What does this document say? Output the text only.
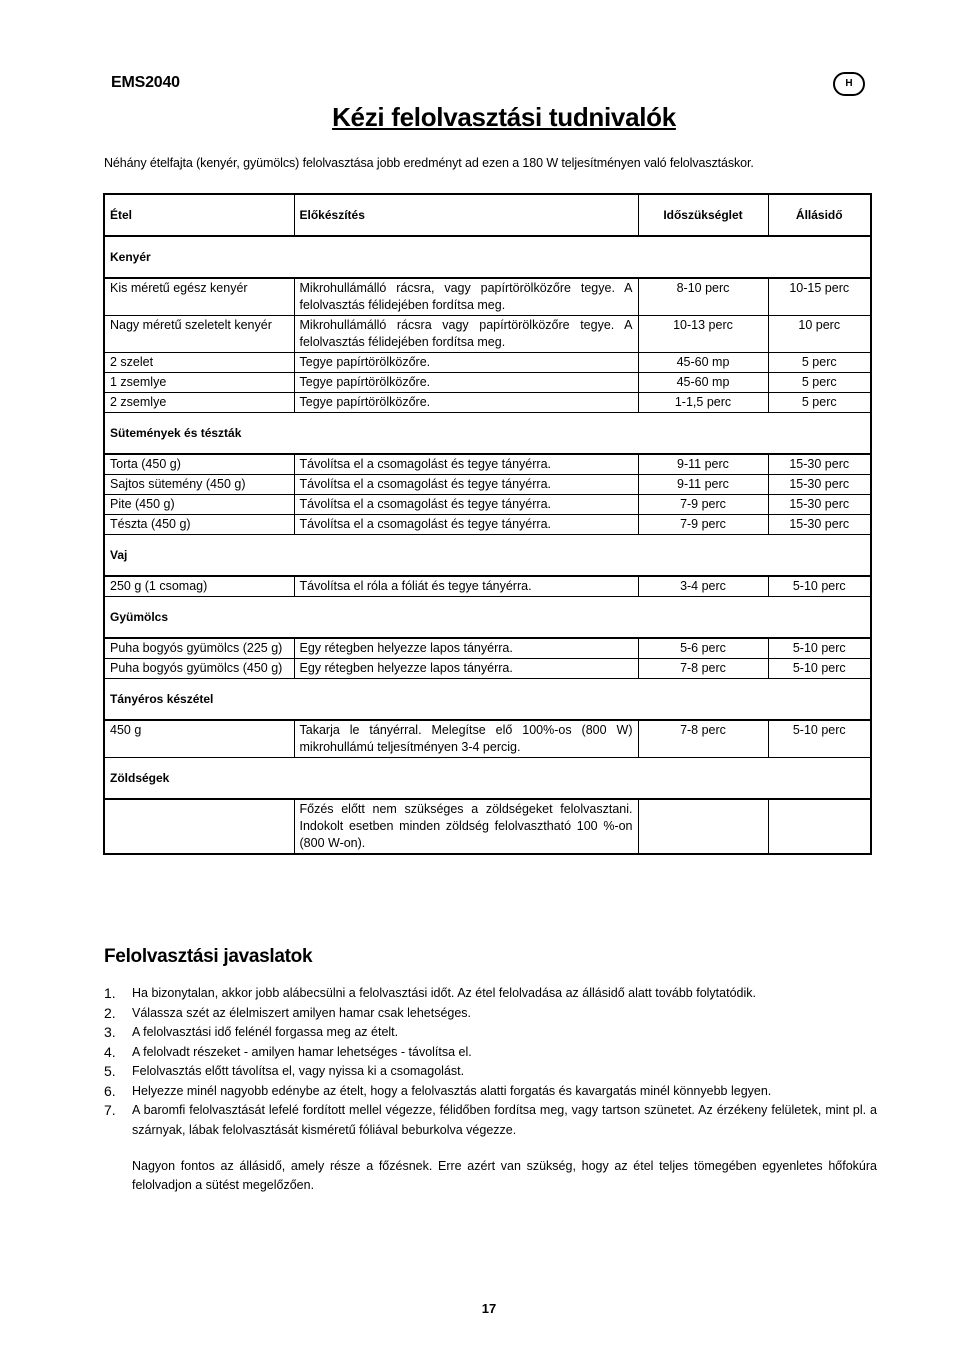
EMS2040	H
Kézi felolvasztási tudnivalók
Néhány ételfajta (kenyér, gyümölcs) felolvasztása jobb eredményt ad ezen a 180 W teljesítményen való felolvasztáskor.
Étel	Előkészítés	Időszükséglet	Állásidő
Kenyér			
Kis méretű egész kenyér	Mikrohullámálló rácsra, vagy papírtörölközőre tegye. A felolvasztás félidejében fordítsa meg.	8-10 perc	10-15 perc
Nagy méretű szeletelt kenyér	Mikrohullámálló rácsra vagy papírtörölközőre tegye. A felolvasztás félidejében fordítsa meg.	10-13 perc	10 perc
2 szelet	Tegye papírtörölközőre.	45-60 mp	5 perc
1 zsemlye	Tegye papírtörölközőre.	45-60 mp	5 perc
2 zsemlye	Tegye papírtörölközőre.	1-1,5 perc	5 perc
Sütemények és tészták			
Torta (450 g)	Távolítsa el a csomagolást és tegye tányérra.	9-11 perc	15-30 perc
Sajtos sütemény (450 g)	Távolítsa el a csomagolást és tegye tányérra.	9-11 perc	15-30 perc
Pite (450 g)	Távolítsa el a csomagolást és tegye tányérra.	7-9 perc	15-30 perc
Tészta (450 g)	Távolítsa el a csomagolást és tegye tányérra.	7-9 perc	15-30 perc
Vaj			
250 g (1 csomag)	Távolítsa el róla a fóliát és tegye tányérra.	3-4 perc	5-10 perc
Gyümölcs			
Puha bogyós gyümölcs (225 g)	Egy rétegben helyezze lapos tányérra.	5-6 perc	5-10 perc
Puha bogyós gyümölcs (450 g)	Egy rétegben helyezze lapos tányérra.	7-8 perc	5-10 perc
Tányéros készétel			
450 g	Takarja le tányérral. Melegítse elő 100%-os (800 W) mikrohullámú teljesítményen 3-4 percig.	7-8 perc	5-10 perc
Zöldségek			
	Főzés előtt nem szükséges a zöldségeket felolvasztani. Indokolt esetben minden zöldség felolvasztható 100 %-on (800 W-on).		
Felolvasztási javaslatok
1. Ha bizonytalan, akkor jobb alábecsülni a felolvasztási időt. Az étel felolvadása az állásidő alatt tovább folytatódik.
2. Válassza szét az élelmiszert amilyen hamar csak lehetséges.
3. A felolvasztási idő felénél forgassa meg az ételt.
4. A felolvadt részeket - amilyen hamar lehetséges - távolítsa el.
5. Felolvasztás előtt távolítsa el, vagy nyissa ki a csomagolást.
6. Helyezze minél nagyobb edénybe az ételt, hogy a felolvasztás alatti forgatás és kavargatás minél könnyebb legyen.
7. A baromfi felolvasztását lefelé fordított mellel végezze, félidőben fordítsa meg, vagy tartson szünetet. Az érzékeny felületek, mint pl. a szárnyak, lábak felolvasztását kisméretű fóliával beburkolva végezze.
Nagyon fontos az állásidő, amely része a főzésnek. Erre azért van szükség, hogy az étel teljes tömegében egyenletes hőfokúra felolvadjon a sütést megelőzően.
17
